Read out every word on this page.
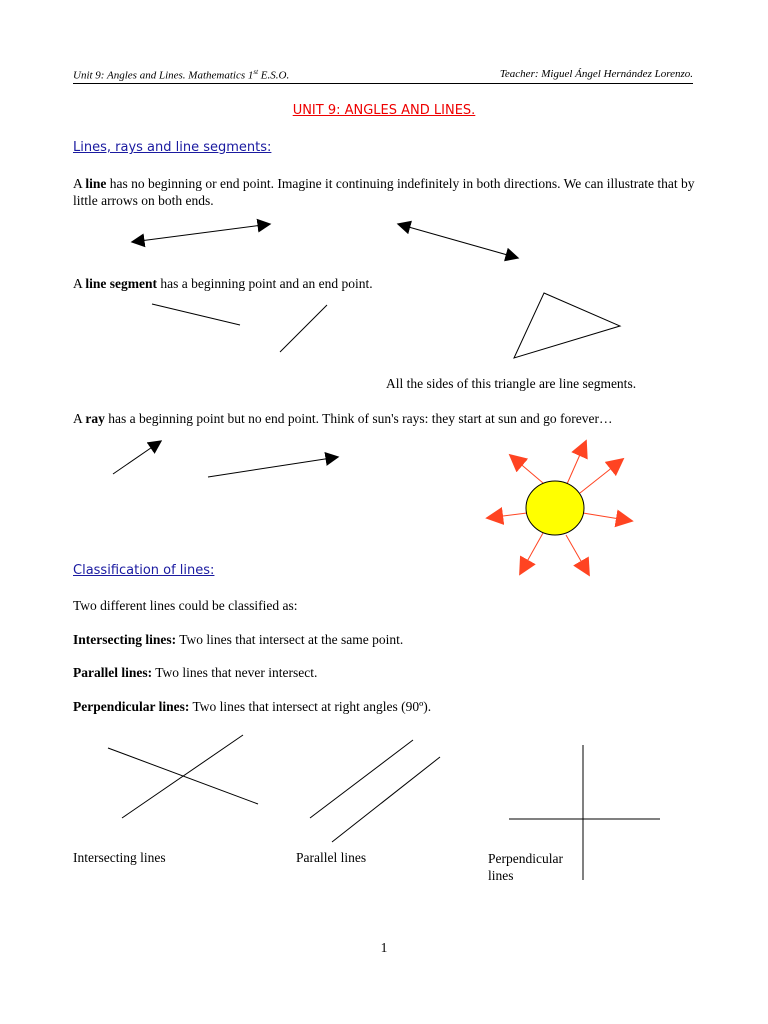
Unit 9: Angles and Lines. Mathematics 1st E.S.O.	Teacher: Miguel Ángel Hernández Lorenzo.
UNIT 9: ANGLES AND LINES.
Lines, rays and line segments:
A line has no beginning or end point. Imagine it continuing indefinitely in both directions. We can illustrate that by little arrows on both ends.
A line segment has a beginning point and an end point.
All the sides of this triangle are line segments.
A ray has a beginning point but no end point. Think of sun's rays: they start at sun and go forever…
Classification of lines:
Two different lines could be classified as:
Intersecting lines: Two lines that intersect at the same point.
Parallel lines: Two lines that never intersect.
Perpendicular lines: Two lines that intersect at right angles (90º).
Intersecting lines	Parallel lines	Perpendicular lines
1
